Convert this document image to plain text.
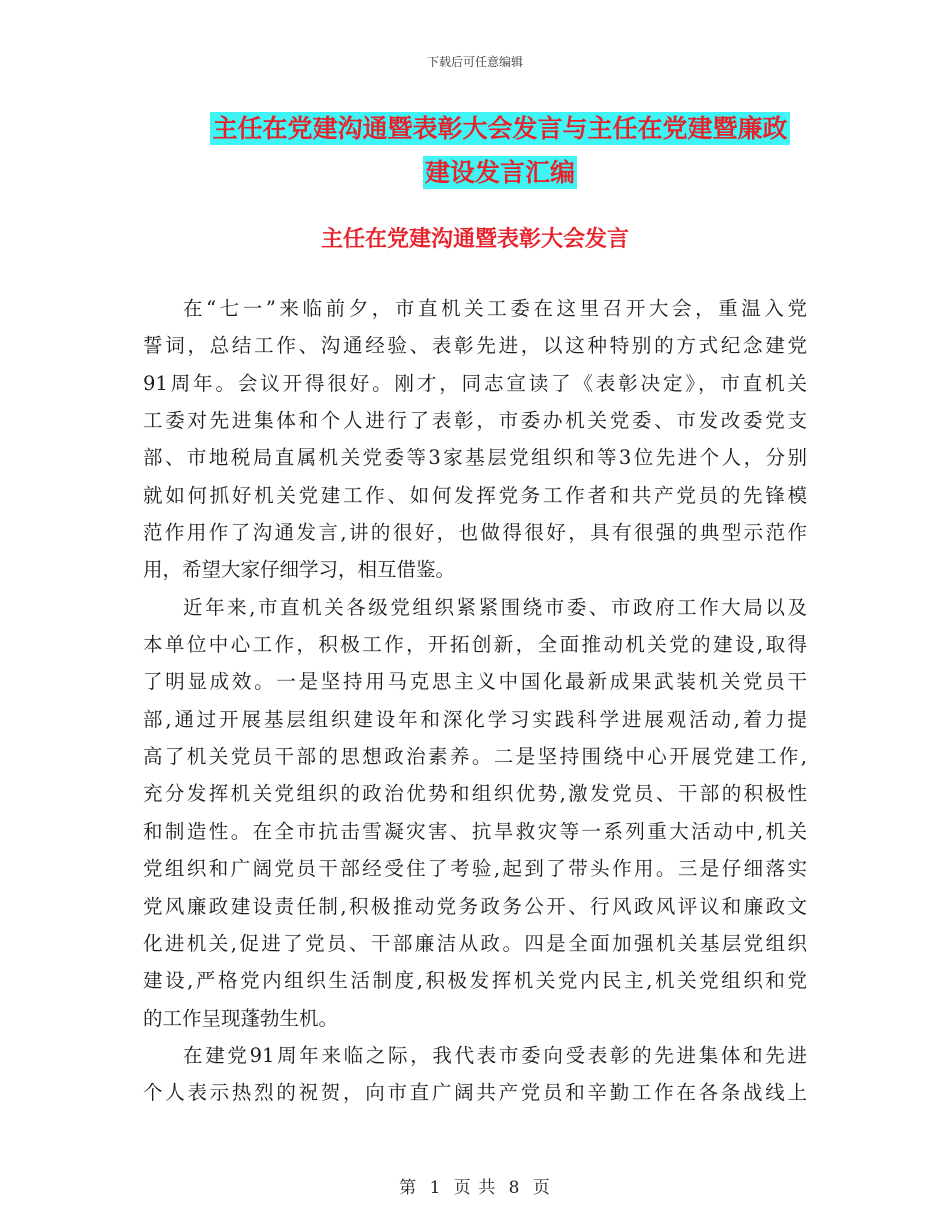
下载后可任意编辑
主任在党建沟通暨表彰大会发言与主任在党建暨廉政
建设发言汇编
主任在党建沟通暨表彰大会发言
在“七一”来临前夕，市直机关工委在这里召开大会，重温入党
誓词，总结工作、沟通经验、表彰先进，以这种特别的方式纪念建党
91周年。会议开得很好。刚才，同志宣读了《表彰决定》，市直机关
工委对先进集体和个人进行了表彰，市委办机关党委、市发改委党支
部、市地税局直属机关党委等3家基层党组织和等3位先进个人，分别
就如何抓好机关党建工作、如何发挥党务工作者和共产党员的先锋模
范作用作了沟通发言,讲的很好，也做得很好，具有很强的典型示范作
用，希望大家仔细学习，相互借鉴。
近年来,市直机关各级党组织紧紧围绕市委、市政府工作大局以及
本单位中心工作，积极工作，开拓创新，全面推动机关党的建设,取得
了明显成效。一是坚持用马克思主义中国化最新成果武装机关党员干
部,通过开展基层组织建设年和深化学习实践科学进展观活动,着力提
高了机关党员干部的思想政治素养。二是坚持围绕中心开展党建工作,
充分发挥机关党组织的政治优势和组织优势,激发党员、干部的积极性
和制造性。在全市抗击雪凝灾害、抗旱救灾等一系列重大活动中,机关
党组织和广阔党员干部经受住了考验,起到了带头作用。三是仔细落实
党风廉政建设责任制,积极推动党务政务公开、行风政风评议和廉政文
化进机关,促进了党员、干部廉洁从政。四是全面加强机关基层党组织
建设,严格党内组织生活制度,积极发挥机关党内民主,机关党组织和党
的工作呈现蓬勃生机。
在建党91周年来临之际，我代表市委向受表彰的先进集体和先进
个人表示热烈的祝贺，向市直广阔共产党员和辛勤工作在各条战线上
第 1 页 共 8 页
